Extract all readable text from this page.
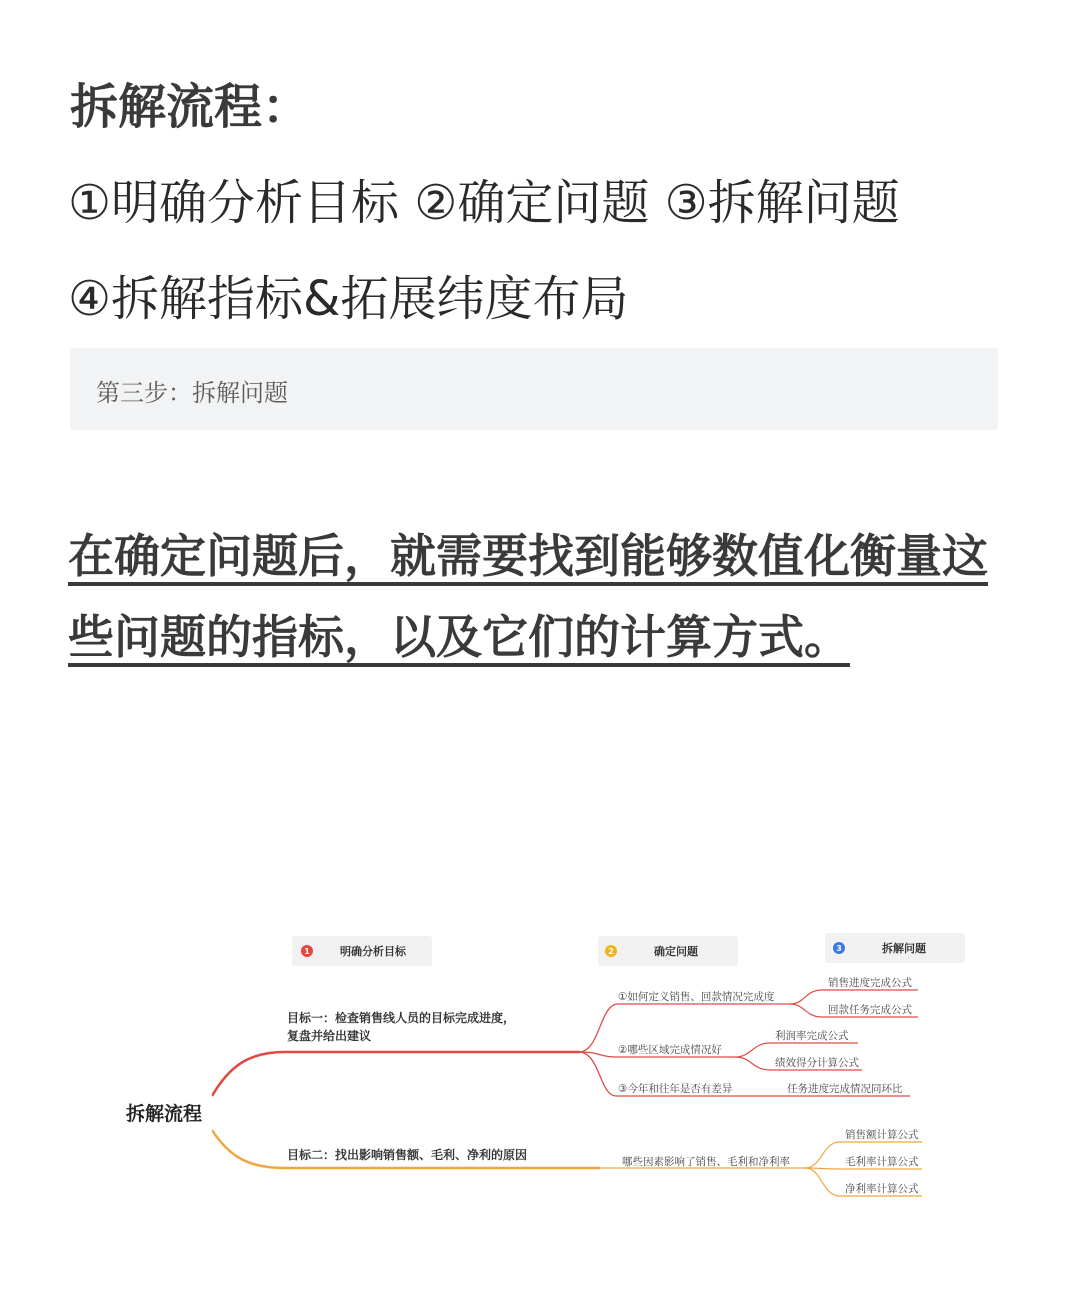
拆解流程：
①明确分析目标 ②确定问题 ③拆解问题
④拆解指标&拓展纬度布局
第三步：拆解问题
在确定问题后，就需要找到能够数值化衡量这些问题的指标，以及它们的计算方式。
1	明确分析目标	2	确定问题	3	拆解问题
拆解流程
目标一：检查销售线人员的目标完成进度，
复盘并给出建议
①如何定义销售、回款情况完成度
②哪些区域完成情况好
③今年和往年是否有差异
销售进度完成公式
回款任务完成公式
利润率完成公式
绩效得分计算公式
任务进度完成情况同环比
目标二：找出影响销售额、毛利、净利的原因	哪些因素影响了销售、毛利和净利率
销售额计算公式
毛利率计算公式
净利率计算公式
